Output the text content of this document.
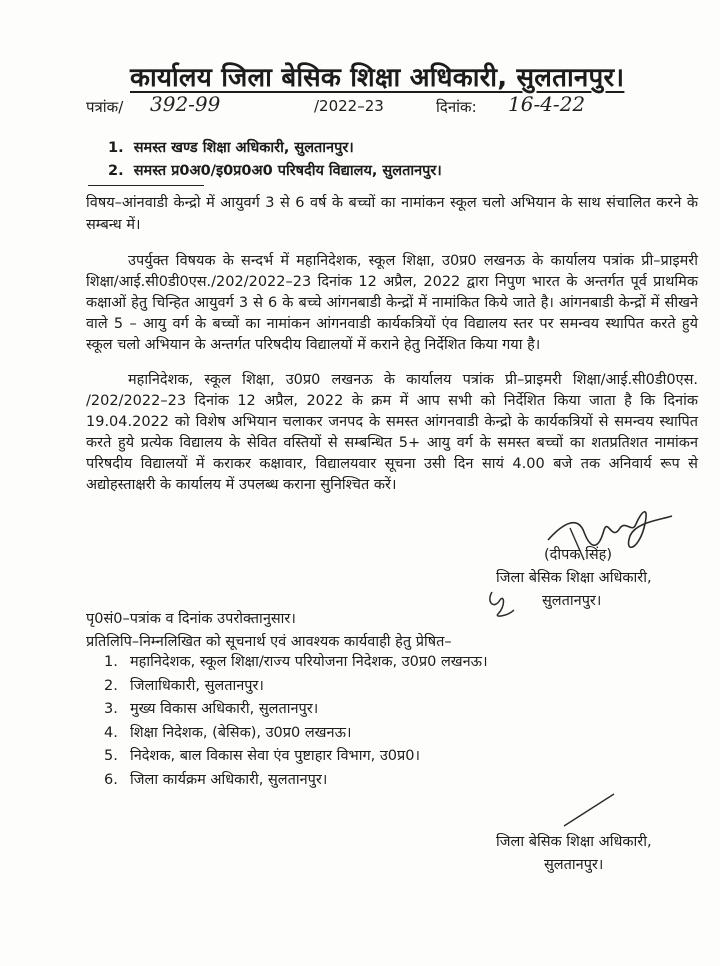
कार्यालय जिला बेसिक शिक्षा अधिकारी, सुलतानपुर।
पत्रांक/ 392-99	/2022–23	दिनांक: 16-4-22
1. समस्त खण्ड शिक्षा अधिकारी, सुलतानपुर।
2. समस्त प्र0अ0/इ0प्र0अ0 परिषदीय विद्यालय, सुलतानपुर।
विषय–आंनवाडी केन्द्रो में आयुवर्ग 3 से 6 वर्ष के बच्चों का नामांकन स्कूल चलो अभियान के साथ संचालित करने के सम्बन्ध में।
उपर्युक्त विषयक के सन्दर्भ में महानिदेशक, स्कूल शिक्षा, उ0प्र0 लखनऊ के कार्यालय पत्रांक प्री–प्राइमरी शिक्षा/आई.सी0डी0एस./202/2022–23 दिनांक 12 अप्रैल, 2022 द्वारा निपुण भारत के अन्तर्गत पूर्व प्राथमिक कक्षाओं हेतु चिन्हित आयुवर्ग 3 से 6 के बच्चे आंगनबाडी केन्द्रों में नामांकित किये जाते है। आंगनबाडी केन्द्रों में सीखने वाले 5 – आयु वर्ग के बच्चों का नामांकन आंगनवाडी कार्यकत्रियों एंव विद्यालय स्तर पर समन्वय स्थापित करते हुये स्कूल चलो अभियान के अन्तर्गत परिषदीय विद्यालयों में कराने हेतु निर्देशित किया गया है।
महानिदेशक, स्कूल शिक्षा, उ0प्र0 लखनऊ के कार्यालय पत्रांक प्री–प्राइमरी शिक्षा/आई.सी0डी0एस. /202/2022–23 दिनांक 12 अप्रैल, 2022 के क्रम में आप सभी को निर्देशित किया जाता है कि दिनांक 19.04.2022 को विशेष अभियान चलाकर जनपद के समस्त आंगनवाडी केन्द्रो के कार्यकत्रियों से समन्वय स्थापित करते हुये प्रत्येक विद्यालय के सेवित वस्तियों से सम्बन्धित 5+ आयु वर्ग के समस्त बच्चों का शतप्रतिशत नामांकन परिषदीय विद्यालयों में कराकर कक्षावार, विद्यालयवार सूचना उसी दिन सायं 4.00 बजे तक अनिवार्य रूप से अद्योहस्ताक्षरी के कार्यालय में उपलब्ध कराना सुनिश्चित करें।
(दीपक सिंह)
जिला बेसिक शिक्षा अधिकारी,
सुलतानपुर।
पृ0सं0–पत्रांक व दिनांक उपरोक्तानुसार।
प्रतिलिपि–निम्नलिखित को सूचनार्थ एवं आवश्यक कार्यवाही हेतु प्रेषित–
1. महानिदेशक, स्कूल शिक्षा/राज्य परियोजना निदेशक, उ0प्र0 लखनऊ।
2. जिलाधिकारी, सुलतानपुर।
3. मुख्य विकास अधिकारी, सुलतानपुर।
4. शिक्षा निदेशक, (बेसिक), उ0प्र0 लखनऊ।
5. निदेशक, बाल विकास सेवा एंव पुष्टाहार विभाग, उ0प्र0।
6. जिला कार्यक्रम अधिकारी, सुलतानपुर।
जिला बेसिक शिक्षा अधिकारी,
सुलतानपुर।
